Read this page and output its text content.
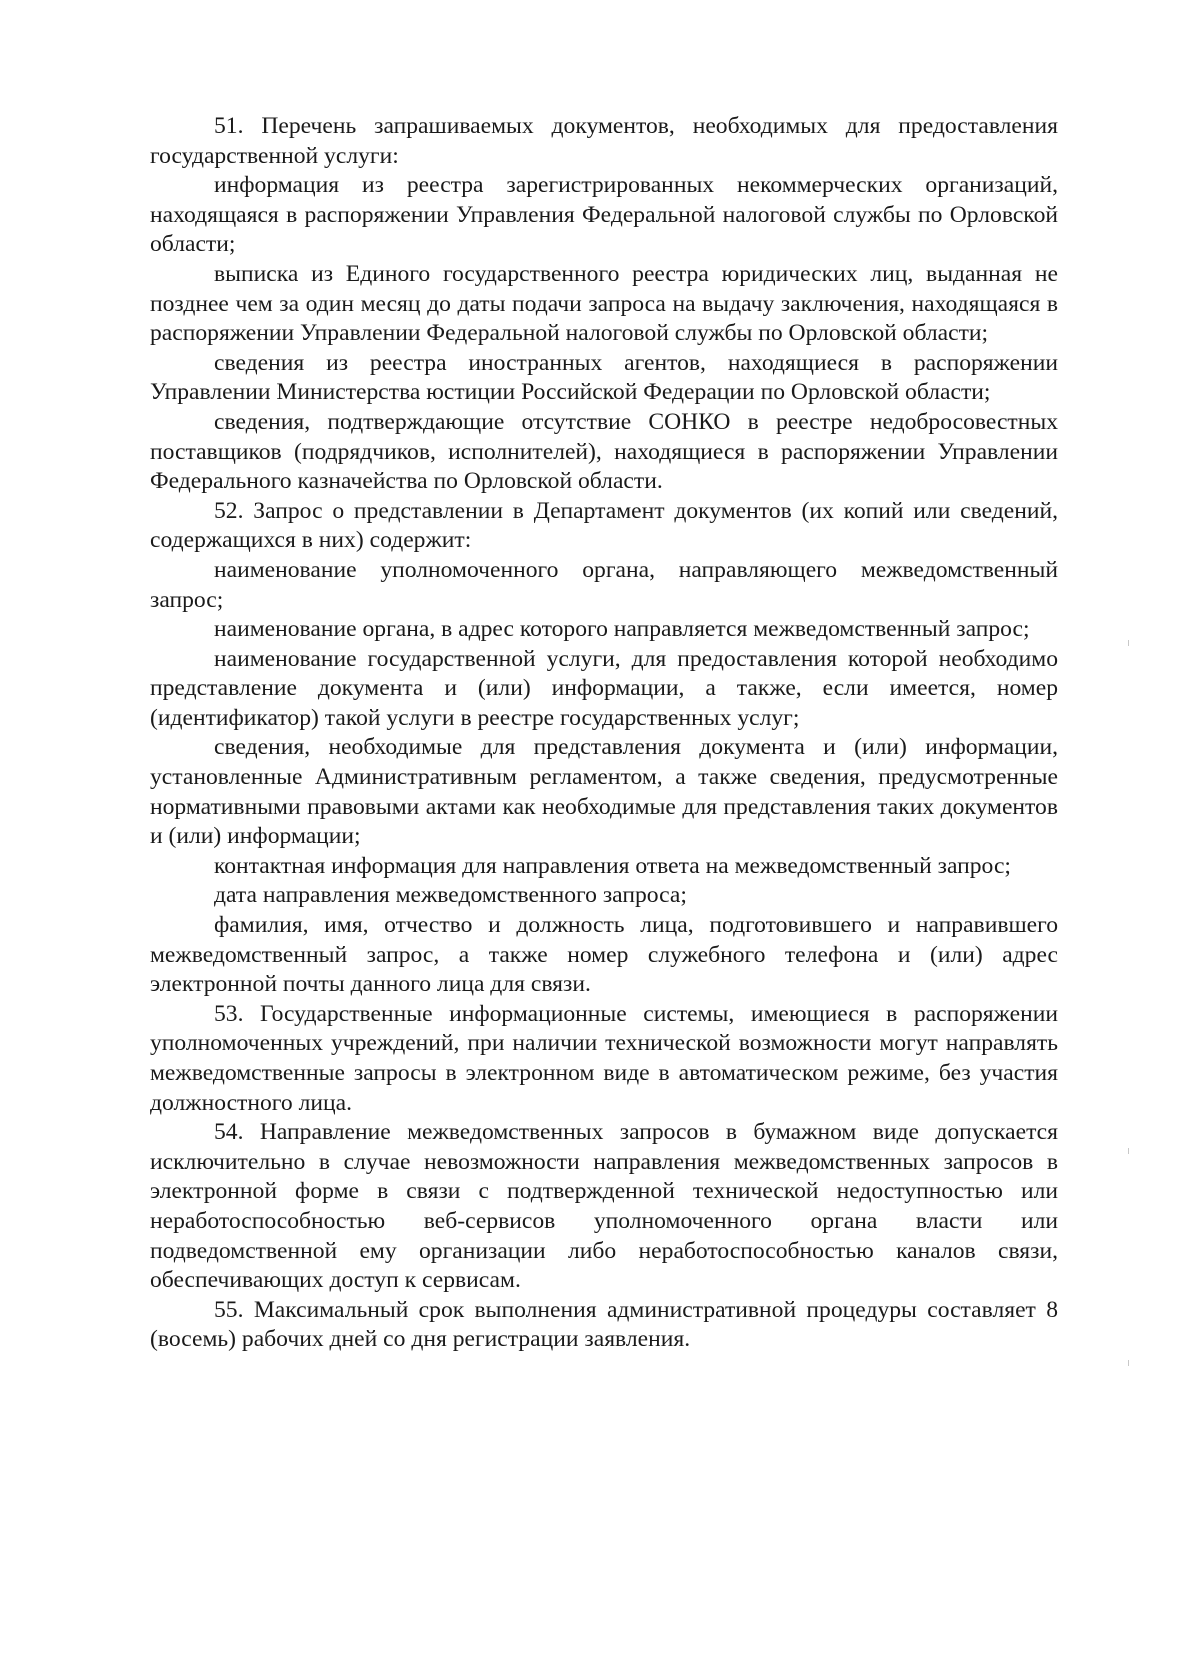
51. Перечень запрашиваемых документов, необходимых для предоставления государственной услуги:

информация из реестра зарегистрированных некоммерческих организаций, находящаяся в распоряжении Управления Федеральной налоговой службы по Орловской области;

выписка из Единого государственного реестра юридических лиц, выданная не позднее чем за один месяц до даты подачи запроса на выдачу заключения, находящаяся в распоряжении Управлении Федеральной налоговой службы по Орловской области;

сведения из реестра иностранных агентов, находящиеся в распоряжении Управлении Министерства юстиции Российской Федерации по Орловской области;

сведения, подтверждающие отсутствие СОНКО в реестре недобросовестных поставщиков (подрядчиков, исполнителей), находящиеся в распоряжении Управлении Федерального казначейства по Орловской области.

52. Запрос о представлении в Департамент документов (их копий или сведений, содержащихся в них) содержит:

наименование уполномоченного органа, направляющего межведомственный запрос;

наименование органа, в адрес которого направляется межведомственный запрос;

наименование государственной услуги, для предоставления которой необходимо представление документа и (или) информации, а также, если имеется, номер (идентификатор) такой услуги в реестре государственных услуг;

сведения, необходимые для представления документа и (или) информации, установленные Административным регламентом, а также сведения, предусмотренные нормативными правовыми актами как необходимые для представления таких документов и (или) информации;

контактная информация для направления ответа на межведомственный запрос;

дата направления межведомственного запроса;

фамилия, имя, отчество и должность лица, подготовившего и направившего межведомственный запрос, а также номер служебного телефона и (или) адрес электронной почты данного лица для связи.

53. Государственные информационные системы, имеющиеся в распоряжении уполномоченных учреждений, при наличии технической возможности могут направлять межведомственные запросы в электронном виде в автоматическом режиме, без участия должностного лица.

54. Направление межведомственных запросов в бумажном виде допускается исключительно в случае невозможности направления межведомственных запросов в электронной форме в связи с подтвержденной технической недоступностью или неработоспособностью веб-сервисов уполномоченного органа власти или подведомственной ему организации либо неработоспособностью каналов связи, обеспечивающих доступ к сервисам.

55. Максимальный срок выполнения административной процедуры составляет 8 (восемь) рабочих дней со дня регистрации заявления.
